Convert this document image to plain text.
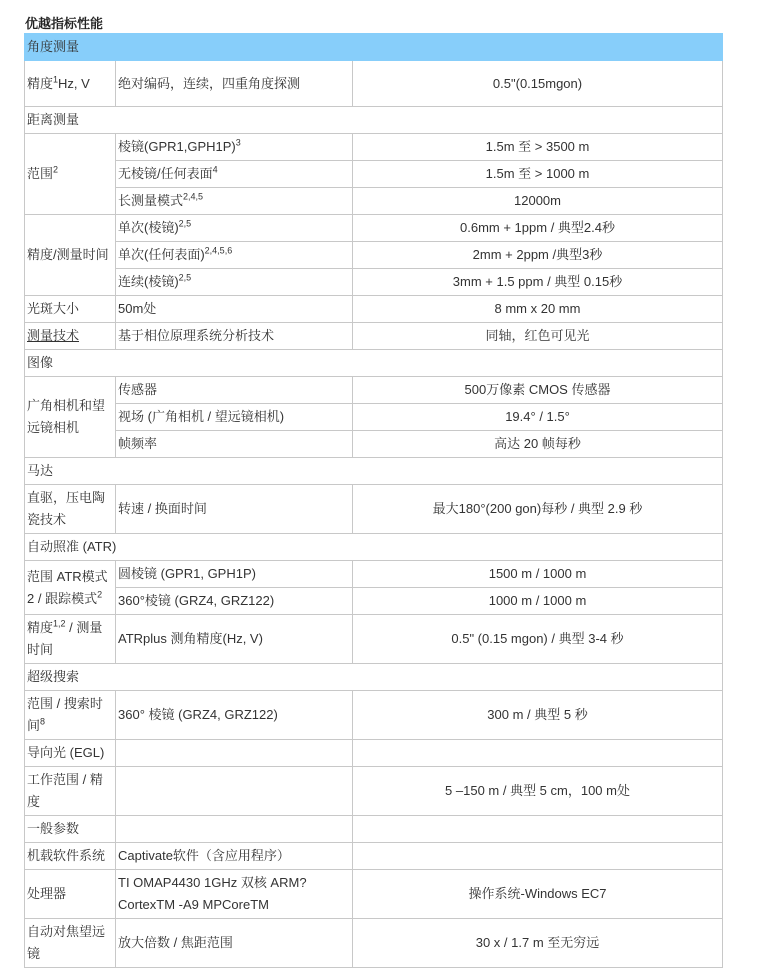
优越指标性能
角度测量		
精度$^1$Hz, V	绝对编码，连续，四重角度探测	0.5"(0.15mgon)
距离测量		
范围$^2$	棱镜$(GPR1,GPH1P)^3$	1.5m 至 > 3500 m
	无棱镜/任何表面$^4$	1.5m 至 > 1000 m
	长测量模式$^{2,4,5}$	12000m
精度/测量时间	单次(棱镜)$^{2,5}$	0.6mm + 1ppm / 典型2.4秒
	单次(任何表面)$^{2,4,5,6}$	2mm + 2ppm /典型3秒
	连续(棱镜)$^{2,5}$	3mm + 1.5 ppm / 典型 0.15秒
光斑大小	50m处	8 mm x 20 mm
测量技术	基于相位原理系统分析技术	同轴，红色可见光
图像		
广角相机和望远镜相机	传感器	500万像素 CMOS 传感器
	视场 (广角相机 / 望远镜相机)	19.4° / 1.5°
	帧频率	高达 20 帧每秒
马达		
直驱，压电陶瓷技术	转速 / 换面时间	最大180°(200 gon)每秒 / 典型 2.9 秒
自动照准 (ATR)		
范围 ATR模式 2 / 跟踪模式$^2$	圆棱镜 (GPR1, GPH1P)	1500 m / 1000 m
	360°棱镜 (GRZ4, GRZ122)	1000 m / 1000 m
精度$^{1,2}$ / 测量时间	ATRplus 测角精度(Hz, V)	0.5" (0.15 mgon) / 典型 3-4 秒
超级搜索		
范围 / 搜索时间$^8$	360° 棱镜 (GRZ4, GRZ122)	300 m / 典型 5 秒
导向光 (EGL)		
工作范围 / 精度		5 –150 m / 典型 5 cm，100 m处
一般参数		
机载软件系统	Captivate软件（含应用程序）	
处理器	TI OMAP4430 1GHz 双核 ARM? CortexTM -A9 MPCoreTM	操作系统-Windows EC7
自动对焦望远镜	放大倍数 / 焦距范围	30 x / 1.7 m 至无穷远
